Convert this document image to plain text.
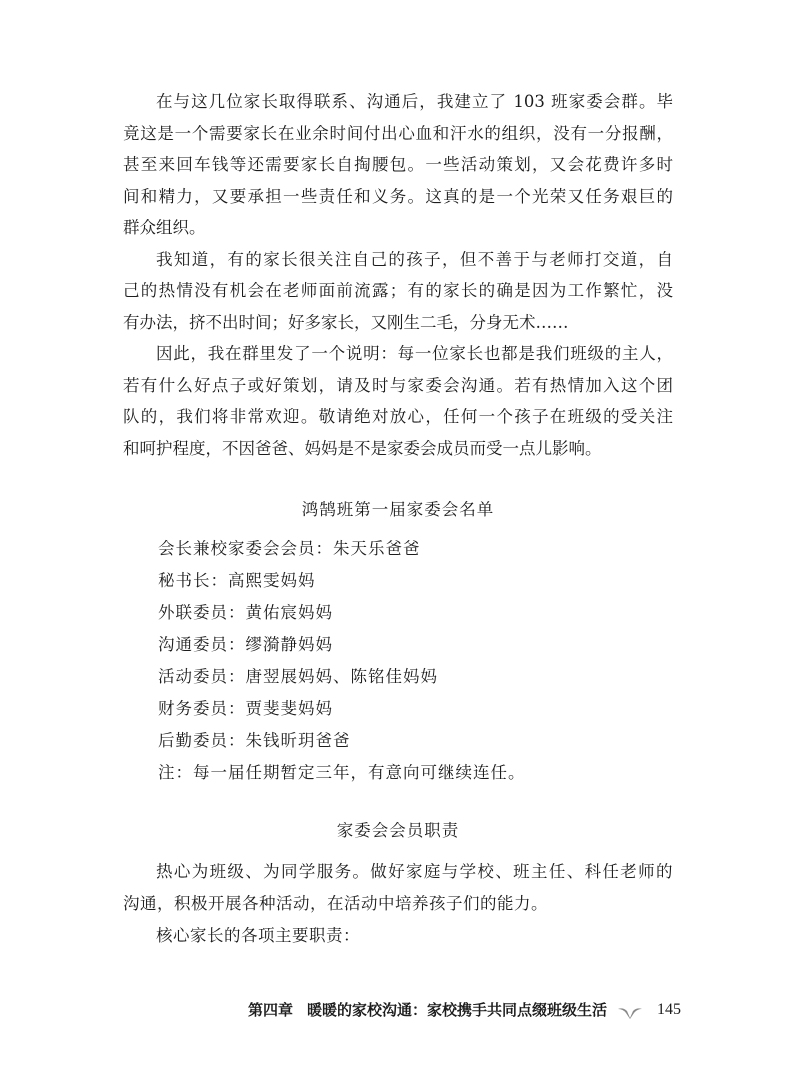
在与这几位家长取得联系、沟通后，我建立了 103 班家委会群。毕
竟这是一个需要家长在业余时间付出心血和汗水的组织，没有一分报酬，
甚至来回车钱等还需要家长自掏腰包。一些活动策划，又会花费许多时
间和精力，又要承担一些责任和义务。这真的是一个光荣又任务艰巨的
群众组织。
我知道，有的家长很关注自己的孩子，但不善于与老师打交道，自
己的热情没有机会在老师面前流露；有的家长的确是因为工作繁忙，没
有办法，挤不出时间；好多家长，又刚生二毛，分身无术……
因此，我在群里发了一个说明：每一位家长也都是我们班级的主人，
若有什么好点子或好策划，请及时与家委会沟通。若有热情加入这个团
队的，我们将非常欢迎。敬请绝对放心，任何一个孩子在班级的受关注
和呵护程度，不因爸爸、妈妈是不是家委会成员而受一点儿影响。
鸿鹄班第一届家委会名单
会长兼校家委会会员：朱天乐爸爸
秘书长：高熙雯妈妈
外联委员：黄佑宸妈妈
沟通委员：缪漪静妈妈
活动委员：唐翌展妈妈、陈铭佳妈妈
财务委员：贾斐斐妈妈
后勤委员：朱钱昕玥爸爸
注：每一届任期暂定三年，有意向可继续连任。
家委会会员职责
热心为班级、为同学服务。做好家庭与学校、班主任、科任老师的
沟通，积极开展各种活动，在活动中培养孩子们的能力。
核心家长的各项主要职责：
第四章 暖暖的家校沟通：家校携手共同点缀班级生活	145
